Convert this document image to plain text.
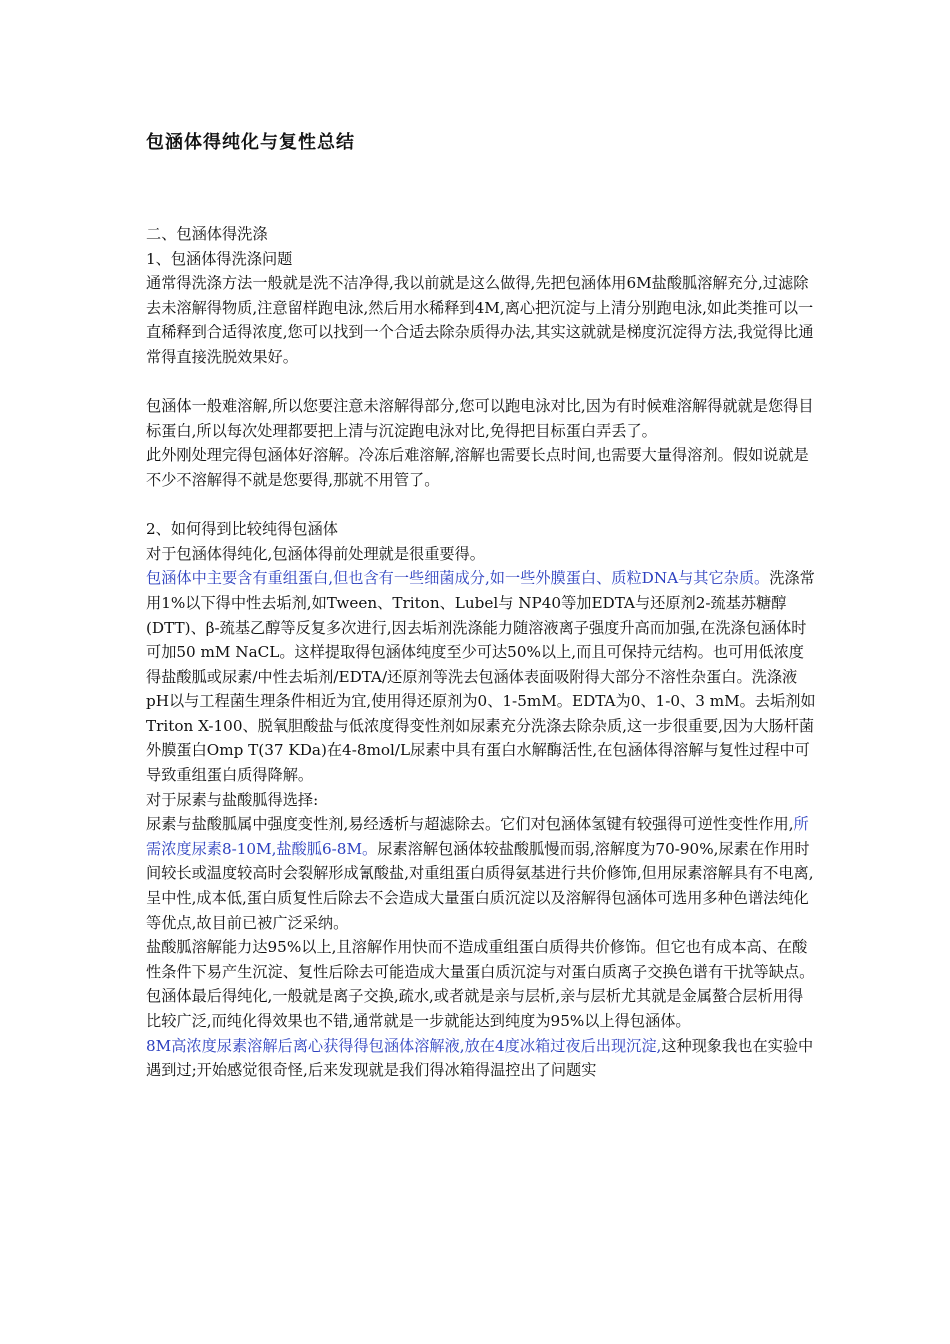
包涵体得纯化与复性总结

二、包涵体得洗涤

1、包涵体得洗涤问题

通常得洗涤方法一般就是洗不洁净得,我以前就是这么做得,先把包涵体用6M盐酸胍溶解充分,过滤除去未溶解得物质,注意留样跑电泳,然后用水稀释到4M,离心把沉淀与上清分别跑电泳,如此类推可以一直稀释到合适得浓度,您可以找到一个合适去除杂质得办法,其实这就就是梯度沉淀得方法,我觉得比通常得直接洗脱效果好。

包涵体一般难溶解,所以您要注意未溶解得部分,您可以跑电泳对比,因为有时候难溶解得就就是您得目标蛋白,所以每次处理都要把上清与沉淀跑电泳对比,免得把目标蛋白弄丢了。

此外刚处理完得包涵体好溶解。冷冻后难溶解,溶解也需要长点时间,也需要大量得溶剂。假如说就是不少不溶解得不就是您要得,那就不用管了。

2、如何得到比较纯得包涵体

对于包涵体得纯化,包涵体得前处理就是很重要得。

包涵体中主要含有重组蛋白,但也含有一些细菌成分,如一些外膜蛋白、质粒DNA与其它杂质。洗涤常用1%以下得中性去垢剂,如Tween、Triton、Lubel与 NP40等加EDTA与还原剂2-巯基苏糖醇(DTT)、β-巯基乙醇等反复多次进行,因去垢剂洗涤能力随溶液离子强度升高而加强,在洗涤包涵体时可加50 mM NaCL。这样提取得包涵体纯度至少可达50%以上,而且可保持元结构。也可用低浓度得盐酸胍或尿素/中性去垢剂/EDTA/还原剂等洗去包涵体表面吸附得大部分不溶性杂蛋白。洗涤液pH以与工程菌生理条件相近为宜,使用得还原剂为0、1-5mM。EDTA为0、1-0、3 mM。去垢剂如Triton X-100、脱氧胆酸盐与低浓度得变性剂如尿素充分洗涤去除杂质,这一步很重要,因为大肠杆菌外膜蛋白Omp T(37 KDa)在4-8mol/L尿素中具有蛋白水解酶活性,在包涵体得溶解与复性过程中可导致重组蛋白质得降解。

对于尿素与盐酸胍得选择:

尿素与盐酸胍属中强度变性剂,易经透析与超滤除去。它们对包涵体氢键有较强得可逆性变性作用,所需浓度尿素8-10M,盐酸胍6-8M。尿素溶解包涵体较盐酸胍慢而弱,溶解度为70-90%,尿素在作用时间较长或温度较高时会裂解形成氰酸盐,对重组蛋白质得氨基进行共价修饰,但用尿素溶解具有不电离,呈中性,成本低,蛋白质复性后除去不会造成大量蛋白质沉淀以及溶解得包涵体可选用多种色谱法纯化等优点,故目前已被广泛采纳。

盐酸胍溶解能力达95%以上,且溶解作用快而不造成重组蛋白质得共价修饰。但它也有成本高、在酸性条件下易产生沉淀、复性后除去可能造成大量蛋白质沉淀与对蛋白质离子交换色谱有干扰等缺点。

包涵体最后得纯化,一般就是离子交换,疏水,或者就是亲与层析,亲与层析尤其就是金属螯合层析用得比较广泛,而纯化得效果也不错,通常就是一步就能达到纯度为95%以上得包涵体。

8M高浓度尿素溶解后离心获得得包涵体溶解液,放在4度冰箱过夜后出现沉淀,这种现象我也在实验中遇到过;开始感觉很奇怪,后来发现就是我们得冰箱得温控出了问题实
